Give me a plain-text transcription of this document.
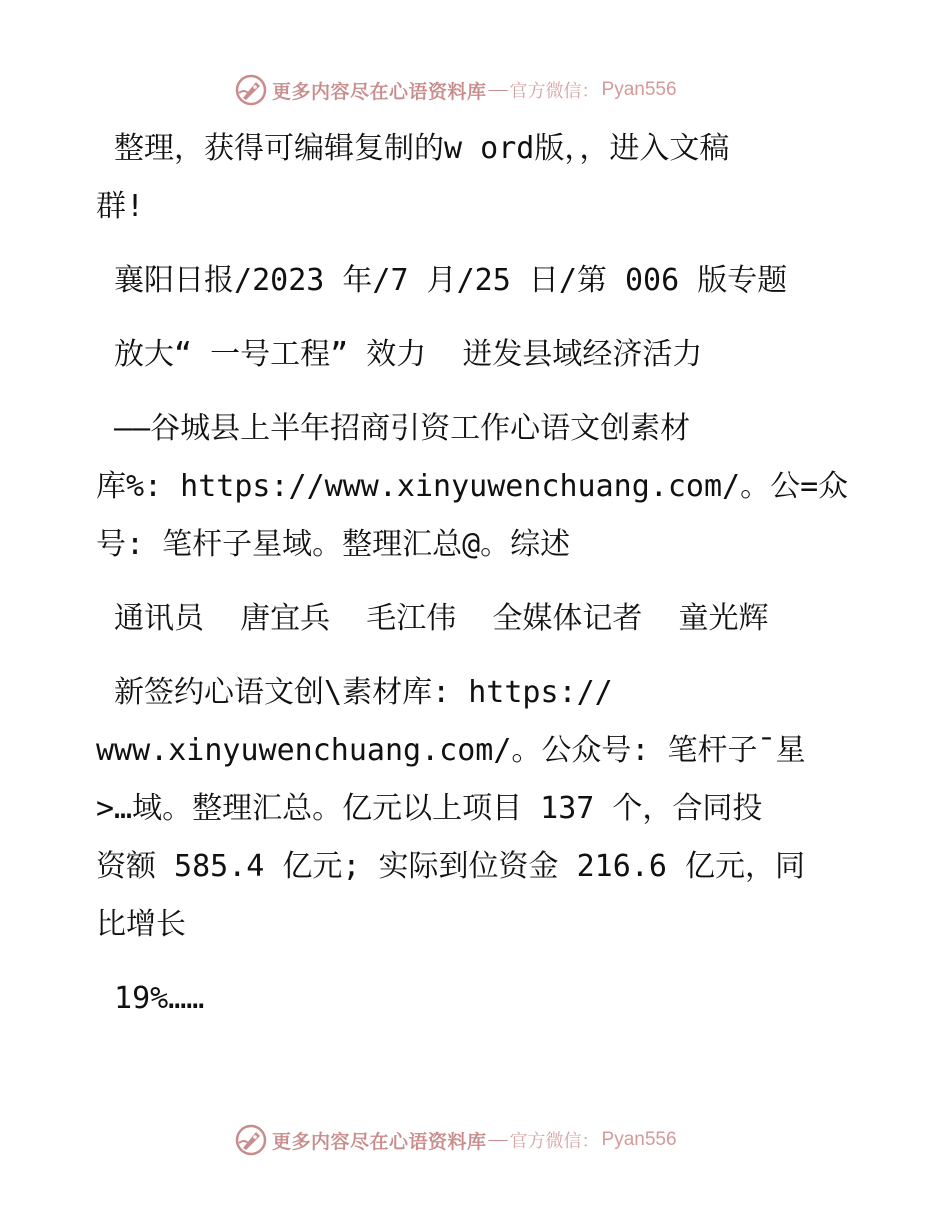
更多内容尽在心语资料库 — 官方微信： Pyan556

整理，获得可编辑复制的w ord版，，进入文稿

群!

襄阳日报/2023 年/7 月/25 日/第 006 版专题

放大“ 一号工程” 效力  迸发县域经济活力

——谷城县上半年招商引资工作心语文创素材

库%: https://www.xinyuwenchuang.com/。公=众

号: 笔杆子星域。整理汇总@。综述

通讯员  唐宜兵  毛江伟  全媒体记者  童光辉

新签约心语文创\素材库: https://

www.xinyuwenchuang.com/。公众号: 笔杆子¯星

>…域。整理汇总。亿元以上项目 137 个，合同投

资额 585.4 亿元; 实际到位资金 216.6 亿元，同

比增长

19%……

更多内容尽在心语资料库 — 官方微信： Pyan556
